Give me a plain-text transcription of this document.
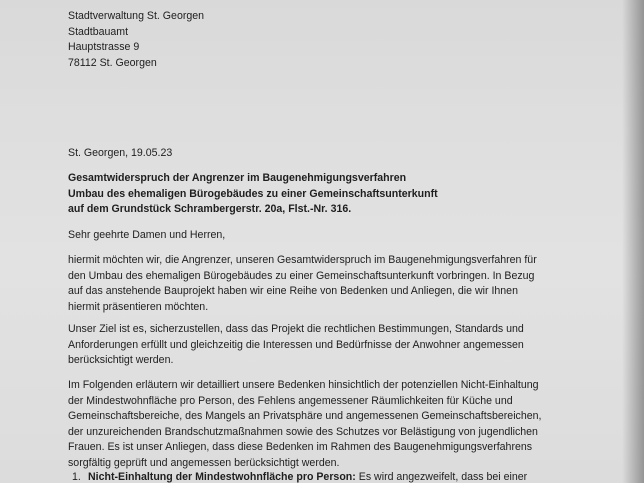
Stadtverwaltung St. Georgen

Stadtbauamt

Hauptstrasse 9

78112 St. Georgen

St. Georgen, 19.05.23

Gesamtwiderspruch der Angrenzer im Baugenehmigungsverfahren

Umbau des ehemaligen Bürogebäudes zu einer Gemeinschaftsunterkunft

auf dem Grundstück Schrambergerstr. 20a, Flst.-Nr. 316.

Sehr geehrte Damen und Herren,

hiermit möchten wir, die Angrenzer, unseren Gesamtwiderspruch im Baugenehmigungsverfahren für

den Umbau des ehemaligen Bürogebäudes zu einer Gemeinschaftsunterkunft vorbringen. In Bezug

auf das anstehende Bauprojekt haben wir eine Reihe von Bedenken und Anliegen, die wir Ihnen

hiermit präsentieren möchten.

Unser Ziel ist es, sicherzustellen, dass das Projekt die rechtlichen Bestimmungen, Standards und

Anforderungen erfüllt und gleichzeitig die Interessen und Bedürfnisse der Anwohner angemessen

berücksichtigt werden.

Im Folgenden erläutern wir detailliert unsere Bedenken hinsichtlich der potenziellen Nicht-Einhaltung

der Mindestwohnfläche pro Person, des Fehlens angemessener Räumlichkeiten für Küche und

Gemeinschaftsbereiche, des Mangels an Privatsphäre und angemessenen Gemeinschaftsbereichen,

der unzureichenden Brandschutzmaßnahmen sowie des Schutzes vor Belästigung von jugendlichen

Frauen. Es ist unser Anliegen, dass diese Bedenken im Rahmen des Baugenehmigungsverfahrens

sorgfältig geprüft und angemessen berücksichtigt werden.

1. Nicht-Einhaltung der Mindestwohnfläche pro Person: Es wird angezweifelt, dass bei einer
